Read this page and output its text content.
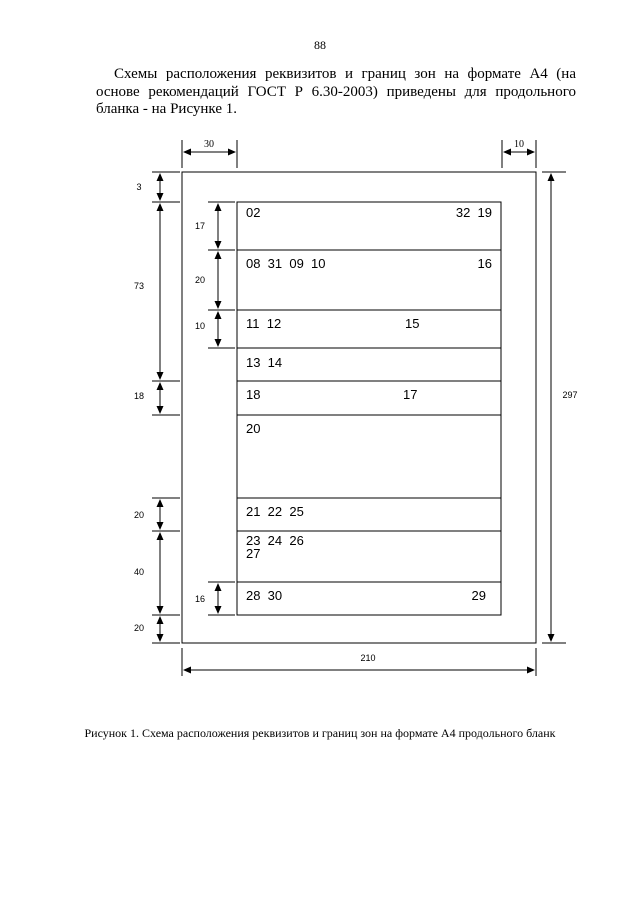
88

Схемы расположения реквизитов и границ зон на формате А4 (на основе рекомендаций ГОСТ Р 6.30-2003) приведены для продольного бланка - на Рисунке 1.

02	32  19
08  31  09  10	16
11  12	15
13  14
18	17
20
21  22  25
23  24  26
27
28  30	29
30	10
210
297
3
73
18
20
40
20
17
20
10
16

Рисунок 1. Схема расположения реквизитов и границ зон на формате А4 продольного бланк
